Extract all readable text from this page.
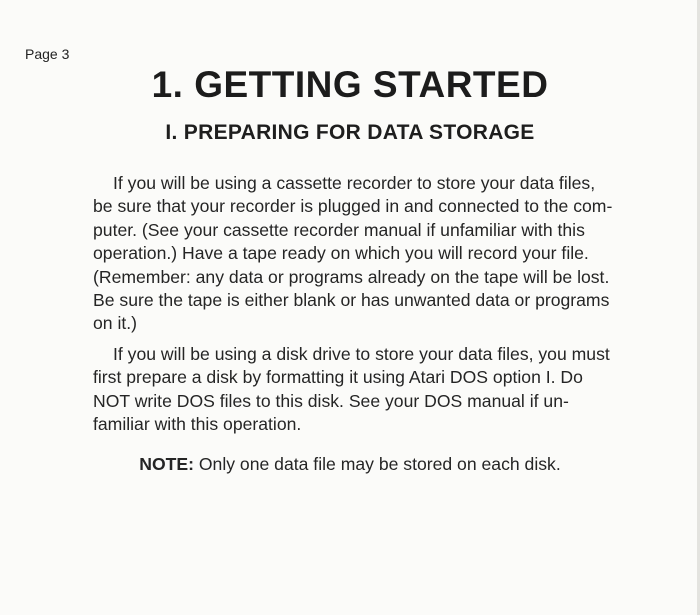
Page 3
1. GETTING STARTED
I. PREPARING FOR DATA STORAGE
If you will be using a cassette recorder to store your data files,
be sure that your recorder is plugged in and connected to the com-
puter. (See your cassette recorder manual if unfamiliar with this
operation.) Have a tape ready on which you will record your file.
(Remember: any data or programs already on the tape will be lost.
Be sure the tape is either blank or has unwanted data or programs
on it.)
If you will be using a disk drive to store your data files, you must
first prepare a disk by formatting it using Atari DOS option I. Do
NOT write DOS files to this disk. See your DOS manual if un-
familiar with this operation.

NOTE: Only one data file may be stored on each disk.
